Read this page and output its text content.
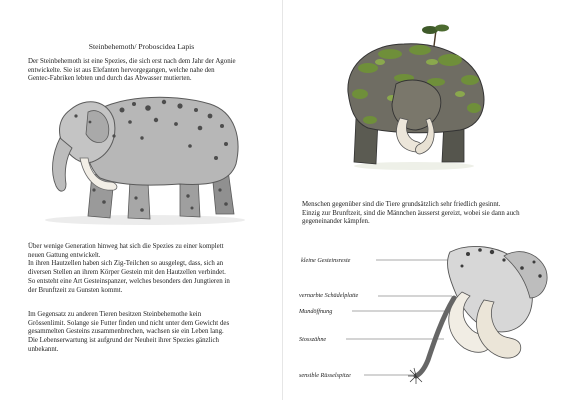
Steinbehemoth/ Proboscidea Lapis

Der Steinbehemoth ist eine Spezies, die sich erst nach dem Jahr der Agonie
entwickelte. Sie ist aus Elefanten hervorgegangen, welche nahe den
Gentec-Fabriken lebten und durch das Abwasser mutierten.

Über wenige Generation hinweg hat sich die Spezies zu einer komplett
neuen Gattung entwickelt.
In ihren Hautzellen haben sich Zig-Teilchen so ausgelegt, dass, sich an
diversen Stellen an ihrem Körper Gestein mit den Hautzellen verbindet.
So entsteht eine Art Gesteinspanzer, welches besonders den Jungtieren in
der Brunftzeit zu Gunsten kommt.

Im Gegensatz zu anderen Tieren besitzen Steinbehemothe kein
Grössenlimit. Solange sie Futter finden und nicht unter dem Gewicht des
gesammelten Gesteins zusammenbrechen, wachsen sie ein Leben lang.
Die Lebenserwartung ist aufgrund der Neuheit ihrer Spezies gänzlich
unbekannt.

Menschen gegenüber sind die Tiere grundsätzlich sehr friedlich gesinnt.
Einzig zur Brunftzeit, sind die Männchen äusserst gereizt, wobei sie dann auch
gegeneinander kämpfen.

kleine Gesteinsreste
vernarbte Schädelplatte
Mundöffnung
Stosszähne
sensible Rüsselspitze
